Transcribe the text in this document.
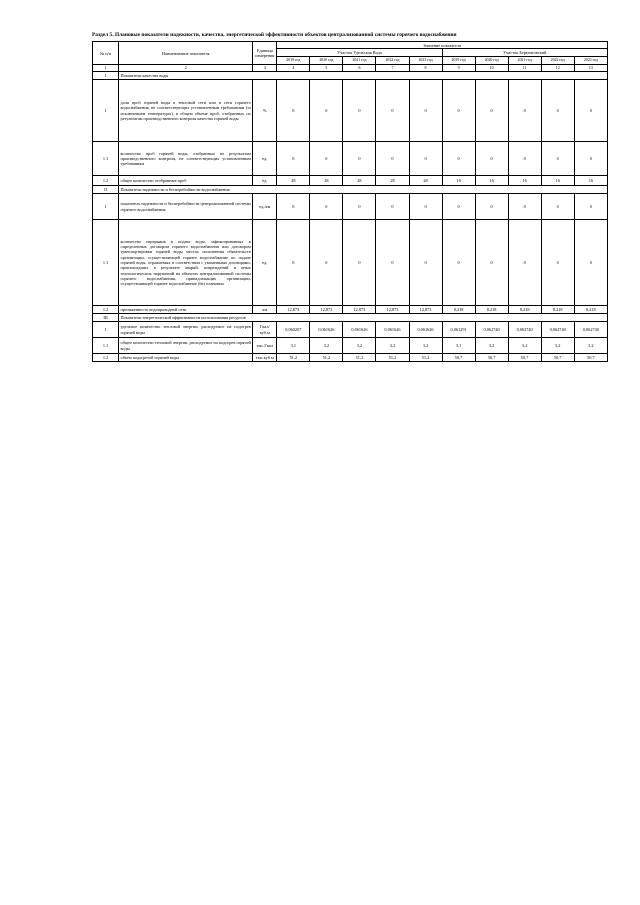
Раздел 5. Плановые показатели надежности, качества, энергетической эффективности объектов централизованной системы горячего водоснабжения
№ п/п	Наименование показателя	Единица измерения	Значение показателя									
			Участок Удельская Вода					Участок Березитовский				
			2019 год	2020 год	2021 год	2022 год	2023 год	2019 год	2020 год	2021 год	2022 год	2023 год
1	2	3	4	5	6	7	8	9	10	11	12	13
I	Показатели качества воды											
1	доля проб горячей воды в тепловой сети или в сети горячего водоснабжения, не соответствующих установленным требованиям (за исключением температуры), в общем объеме проб, отобранных по результатам производственного контроля качества горячей воды	%	0	0	0	0	0	0	0	0	0	0
1.1	количество проб горячей воды, отобранных по результатам производственного контроля, не соответствующих установленным требованиям	ед.	0	0	0	0	0	0	0	0	0	0
1.2	общее количество отобранных проб	ед.	28	28	28	28	28	16	16	16	16	16
II	Показатели надежности и бесперебойности водоснабжения											
1	показатель надежности и бесперебойности централизованной системы горячего водоснабжения	ед./км	0	0	0	0	0	0	0	0	0	0
1.1	количество перерывов в подаче воды, зафиксированных в определенных договором горячего водоснабжения или договором транспортировки горячей воды местах исполнения обязательств организации, осуществляющей горячее водоснабжение по подаче горячей воды, отражаемых в соответствии с указанными договорами, произошедших в результате аварий, повреждений и иных технологических нарушений на объектах централизованной системы горячего водоснабжения, принадлежащих организации, осуществляющей горячее водоснабжение (без плановых	ед.	0	0	0	0	0	0	0	0	0	0
1.2	протяженность водопроводной сети	км	12,873	12,873	12,873	12,873	12,873	8,218	8,218	8,218	8,218	8,218
III	Показатели энергетической эффективности использования ресурсов											
1	удельное количество тепловой энергии, расходуемое на подогрев горячей воды	Гкал/ куб.м	0,060207	0,061626	0,061626	0,061626	0,061626	0,061291	0,062740	0,062740	0,062740	0,062740
1.1	общее количество тепловой энергии, расходуемое на подогрев горячей воды	тыс.Гкал	3,1	3,2	3,2	3,2	3,2	3,1	3,2	3,2	3,2	3,2
1.2	объем подогретой горячей воды	тыс.куб.м	51,2	51,2	51,2	51,2	51,2	50,7	50,7	50,7	50,7	50,7
